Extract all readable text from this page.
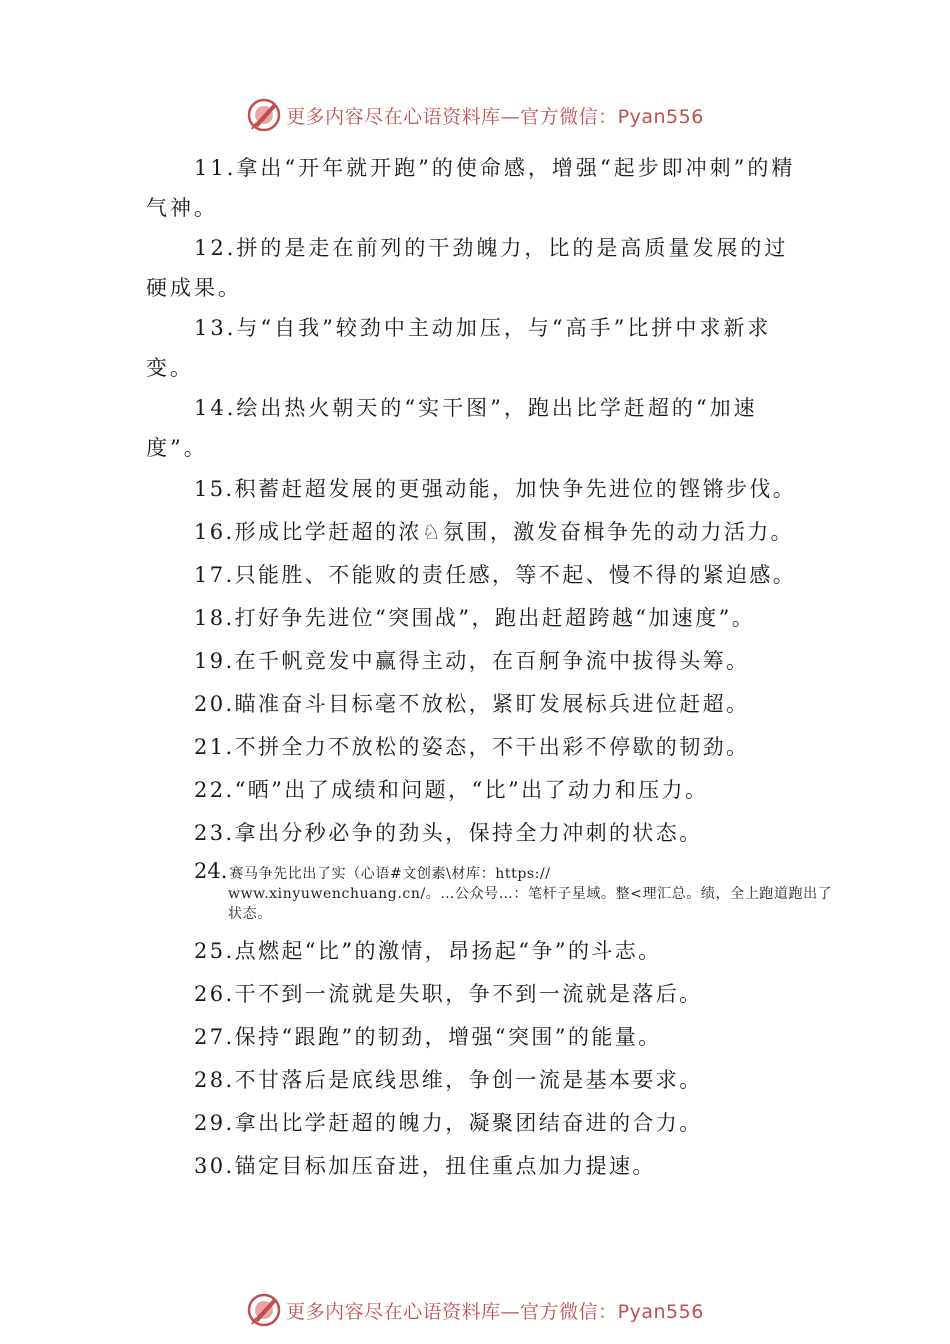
更多内容尽在心语资料库—官方微信：Pyan556

11.拿出“开年就开跑”的使命感，增强“起步即冲刺”的精气神。

12.拼的是走在前列的干劲魄力，比的是高质量发展的过硬成果。

13.与“自我”较劲中主动加压，与“高手”比拼中求新求变。

14.绘出热火朝天的“实干图”，跑出比学赶超的“加速度”。

15.积蓄赶超发展的更强动能，加快争先进位的铿锵步伐。

16.形成比学赶超的浓♘氛围，激发奋楫争先的动力活力。

17.只能胜、不能败的责任感，等不起、慢不得的紧迫感。

18.打好争先进位“突围战”，跑出赶超跨越“加速度”。

19.在千帆竞发中赢得主动，在百舸争流中拔得头筹。

20.瞄准奋斗目标毫不放松，紧盯发展标兵进位赶超。

21.不拼全力不放松的姿态，不干出彩不停歇的韧劲。

22.“晒”出了成绩和问题，“比”出了动力和压力。

23.拿出分秒必争的劲头，保持全力冲刺的状态。

24. 赛马争先比出了实（心语#文创素\材库：https://
www.xinyuwenchuang.cn/。…公众号…：笔杆子星域。整<理汇总。绩，全上跑道跑出了状态。

25.点燃起“比”的激情，昂扬起“争”的斗志。

26.干不到一流就是失职，争不到一流就是落后。

27.保持“跟跑”的韧劲，增强“突围”的能量。

28.不甘落后是底线思维，争创一流是基本要求。

29.拿出比学赶超的魄力，凝聚团结奋进的合力。

30.锚定目标加压奋进，扭住重点加力提速。

更多内容尽在心语资料库—官方微信：Pyan556
